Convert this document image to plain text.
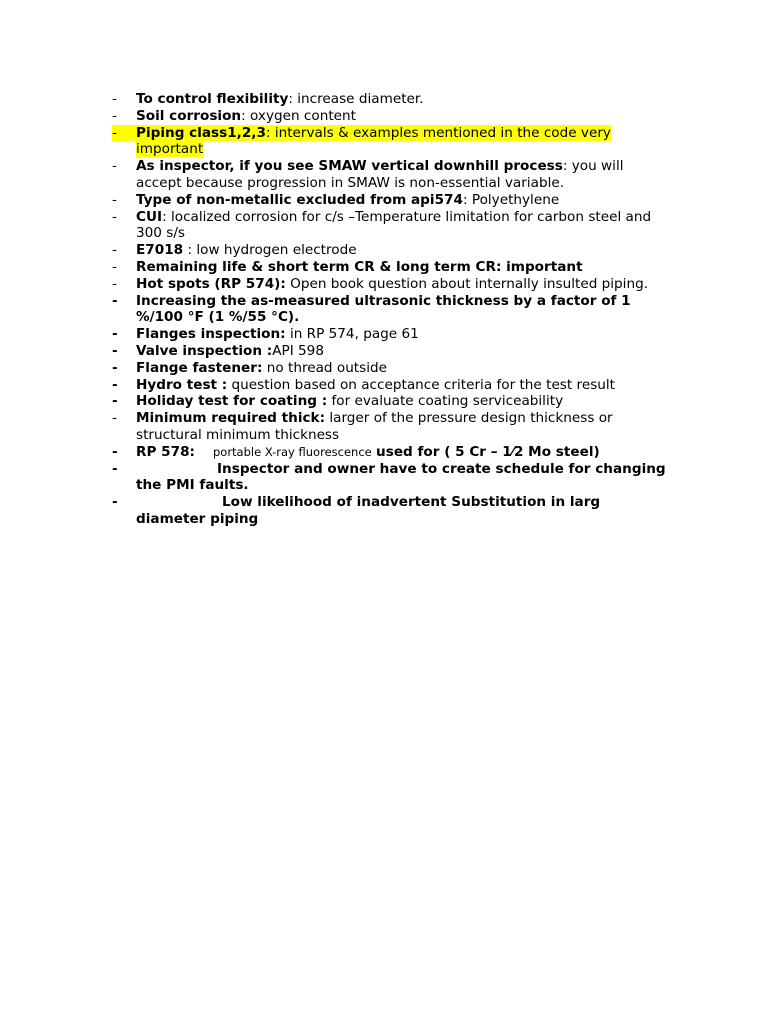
-	To control flexibility: increase diameter.
-	Soil corrosion: oxygen content
-	Piping class1,2,3: intervals & examples mentioned in the code very
important
-	As inspector, if you see SMAW vertical downhill process: you will accept because progression in SMAW is non-essential variable.
-	Type of non-metallic excluded from api574: Polyethylene
-	CUI: localized corrosion for c/s –Temperature limitation for carbon steel and 300 s/s
-	E7018 : low hydrogen electrode
-	Remaining life & short term CR & long term CR: important
-	Hot spots (RP 574): Open book question about internally insulted piping.
-	Increasing the as-measured ultrasonic thickness by a factor of 1 %/100 °F (1 %/55 °C).
-	Flanges inspection: in RP 574, page 61
-	Valve inspection :API 598
-	Flange fastener: no thread outside
-	Hydro test : question based on acceptance criteria for the test result
-	Holiday test for coating : for evaluate coating serviceability
-	Minimum required thick: larger of the pressure design thickness or structural minimum thickness
-	RP 578: portable X-ray fluorescence used for ( 5 Cr – 1⁄2 Mo steel)
-	Inspector and owner have to create schedule for changing the PMI faults.
-	Low likelihood of inadvertent Substitution in larg diameter piping
